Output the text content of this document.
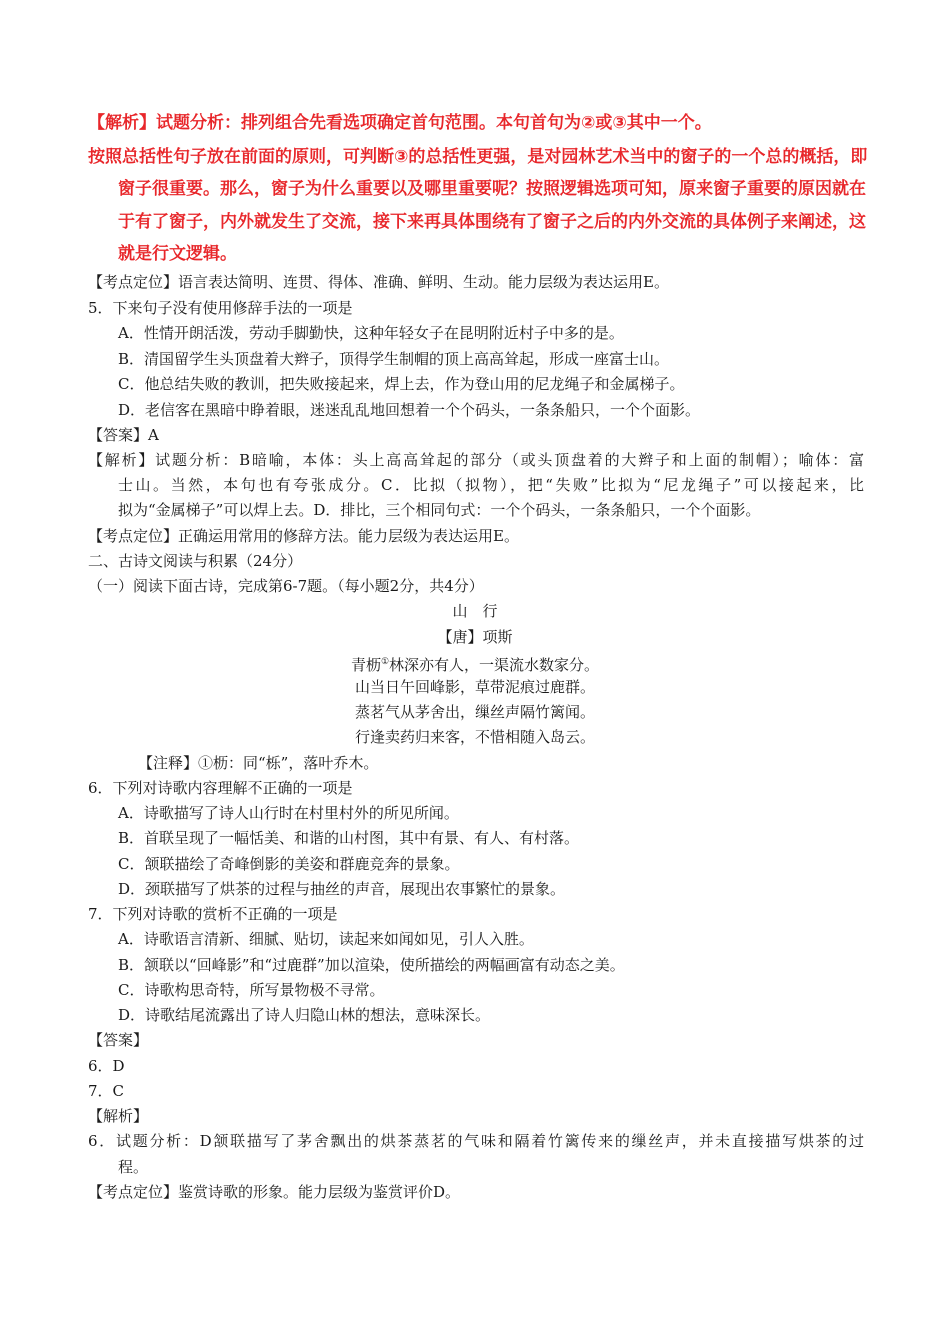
【解析】试题分析：排列组合先看选项确定首句范围。本句首句为②或③其中一个。
按照总括性句子放在前面的原则，可判断③的总括性更强，是对园林艺术当中的窗子的一个总的概括，即
窗子很重要。那么，窗子为什么重要以及哪里重要呢？按照逻辑选项可知，原来窗子重要的原因就在
于有了窗子，内外就发生了交流，接下来再具体围绕有了窗子之后的内外交流的具体例子来阐述，这
就是行文逻辑。
【考点定位】语言表达简明、连贯、得体、准确、鲜明、生动。能力层级为表达运用E。
5．下来句子没有使用修辞手法的一项是
A．性情开朗活泼，劳动手脚勤快，这种年轻女子在昆明附近村子中多的是。
B．清国留学生头顶盘着大辫子，顶得学生制帽的顶上高高耸起，形成一座富士山。
C．他总结失败的教训，把失败接起来，焊上去，作为登山用的尼龙绳子和金属梯子。
D．老信客在黑暗中睁着眼，迷迷乱乱地回想着一个个码头，一条条船只，一个个面影。
【答案】A
【解析】试题分析：B暗喻，本体：头上高高耸起的部分（或头顶盘着的大辫子和上面的制帽）；喻体：富
士山。当然，本句也有夸张成分。C．比拟（拟物），把“失败”比拟为“尼龙绳子”可以接起来，比
拟为“金属梯子”可以焊上去。D．排比，三个相同句式：一个个码头，一条条船只，一个个面影。
【考点定位】正确运用常用的修辞方法。能力层级为表达运用E。
二、古诗文阅读与积累（24分）
（一）阅读下面古诗，完成第6-7题。（每小题2分，共4分）
山　行
【唐】项斯
青枥①林深亦有人，一渠流水数家分。
山当日午回峰影，草带泥痕过鹿群。
蒸茗气从茅舍出，缫丝声隔竹篱闻。
行逢卖药归来客，不惜相随入岛云。
【注释】①枥：同“栎”，落叶乔木。
6．下列对诗歌内容理解不正确的一项是
A．诗歌描写了诗人山行时在村里村外的所见所闻。
B．首联呈现了一幅恬美、和谐的山村图，其中有景、有人、有村落。
C．颔联描绘了奇峰倒影的美姿和群鹿竞奔的景象。
D．颈联描写了烘茶的过程与抽丝的声音，展现出农事繁忙的景象。
7．下列对诗歌的赏析不正确的一项是
A．诗歌语言清新、细腻、贴切，读起来如闻如见，引人入胜。
B．颔联以“回峰影”和“过鹿群”加以渲染，使所描绘的两幅画富有动态之美。
C．诗歌构思奇特，所写景物极不寻常。
D．诗歌结尾流露出了诗人归隐山林的想法，意味深长。
【答案】
6．D
7．C
【解析】
6．试题分析：D颔联描写了茅舍飘出的烘茶蒸茗的气味和隔着竹篱传来的缫丝声，并未直接描写烘茶的过
程。
【考点定位】鉴赏诗歌的形象。能力层级为鉴赏评价D。
